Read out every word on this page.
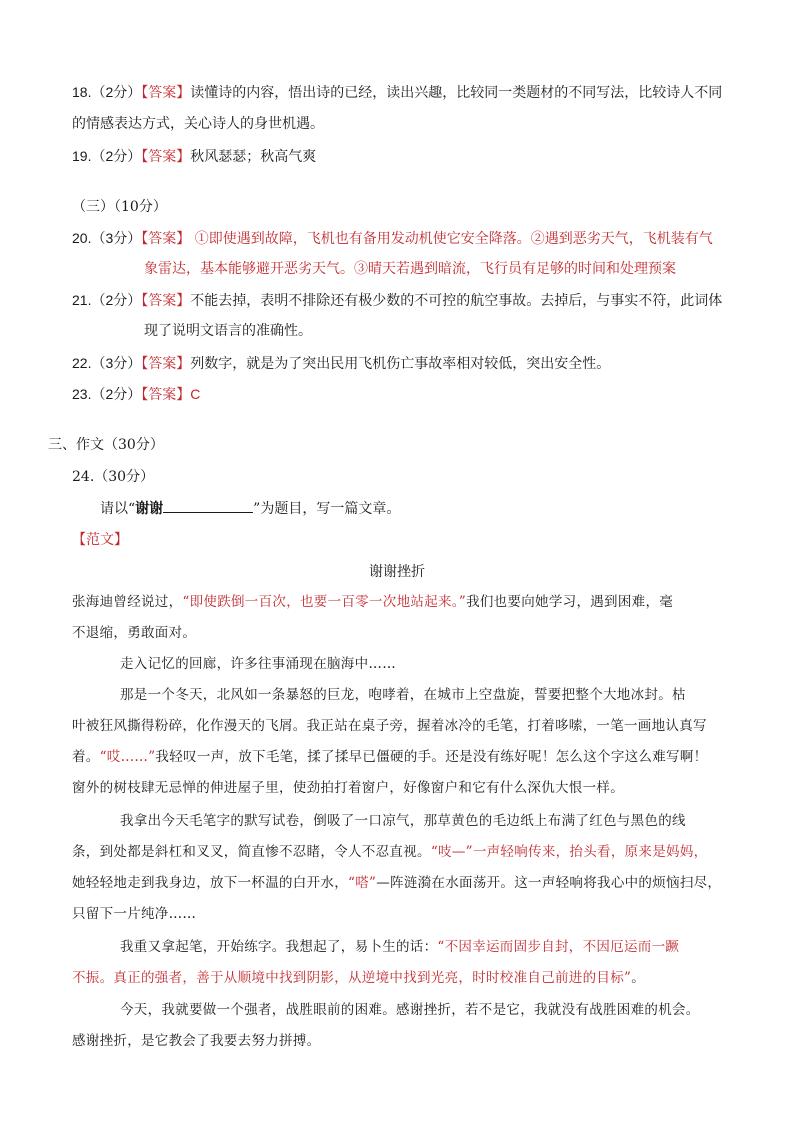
18.（2分）【答案】读懂诗的内容，悟出诗的已经，读出兴趣，比较同一类题材的不同写法，比较诗人不同
的情感表达方式，关心诗人的身世机遇。
19.（2分）【答案】秋风瑟瑟；秋高气爽
（三）（10分）
20.（3分）【答案】 ①即使遇到故障，飞机也有备用发动机使它安全降落。②遇到恶劣天气，飞机装有气
象雷达，基本能够避开恶劣天气。③晴天若遇到暗流，飞行员有足够的时间和处理预案
21.（2分）【答案】不能去掉，表明不排除还有极少数的不可控的航空事故。去掉后，与事实不符，此词体
现了说明文语言的准确性。
22.（3分）【答案】列数字，就是为了突出民用飞机伤亡事故率相对较低，突出安全性。
23.（2分）【答案】C
三、作文（30分）
24.（30分）
请以“谢谢	”为题目，写一篇文章。
【范文】
谢谢挫折
张海迪曾经说过，“即使跌倒一百次，也要一百零一次地站起来。”我们也要向她学习，遇到困难，毫
不退缩，勇敢面对。
走入记忆的回廊，许多往事涌现在脑海中……
那是一个冬天，北风如一条暴怒的巨龙，咆哮着，在城市上空盘旋，誓要把整个大地冰封。枯
叶被狂风撕得粉碎，化作漫天的飞屑。我正站在桌子旁，握着冰冷的毛笔，打着哆嗦，一笔一画地认真写
着。“哎……”我轻叹一声，放下毛笔，揉了揉早已僵硬的手。还是没有练好呢！怎么这个字这么难写啊！
窗外的树枝肆无忌惮的伸进屋子里，使劲拍打着窗户，好像窗户和它有什么深仇大恨一样。
我拿出今天毛笔字的默写试卷，倒吸了一口凉气，那草黄色的毛边纸上布满了红色与黑色的线
条，到处都是斜杠和叉叉，简直惨不忍睹，令人不忍直视。“吱—”一声轻响传来，抬头看，原来是妈妈，
她轻轻地走到我身边，放下一杯温的白开水，“嗒”—阵涟漪在水面荡开。这一声轻响将我心中的烦恼扫尽，
只留下一片纯净……
我重又拿起笔，开始练字。我想起了，易卜生的话：“不因幸运而固步自封，不因厄运而一蹶
不振。真正的强者，善于从顺境中找到阴影，从逆境中找到光亮，时时校准自己前进的目标”。
今天，我就要做一个强者，战胜眼前的困难。感谢挫折，若不是它，我就没有战胜困难的机会。
感谢挫折，是它教会了我要去努力拼搏。
